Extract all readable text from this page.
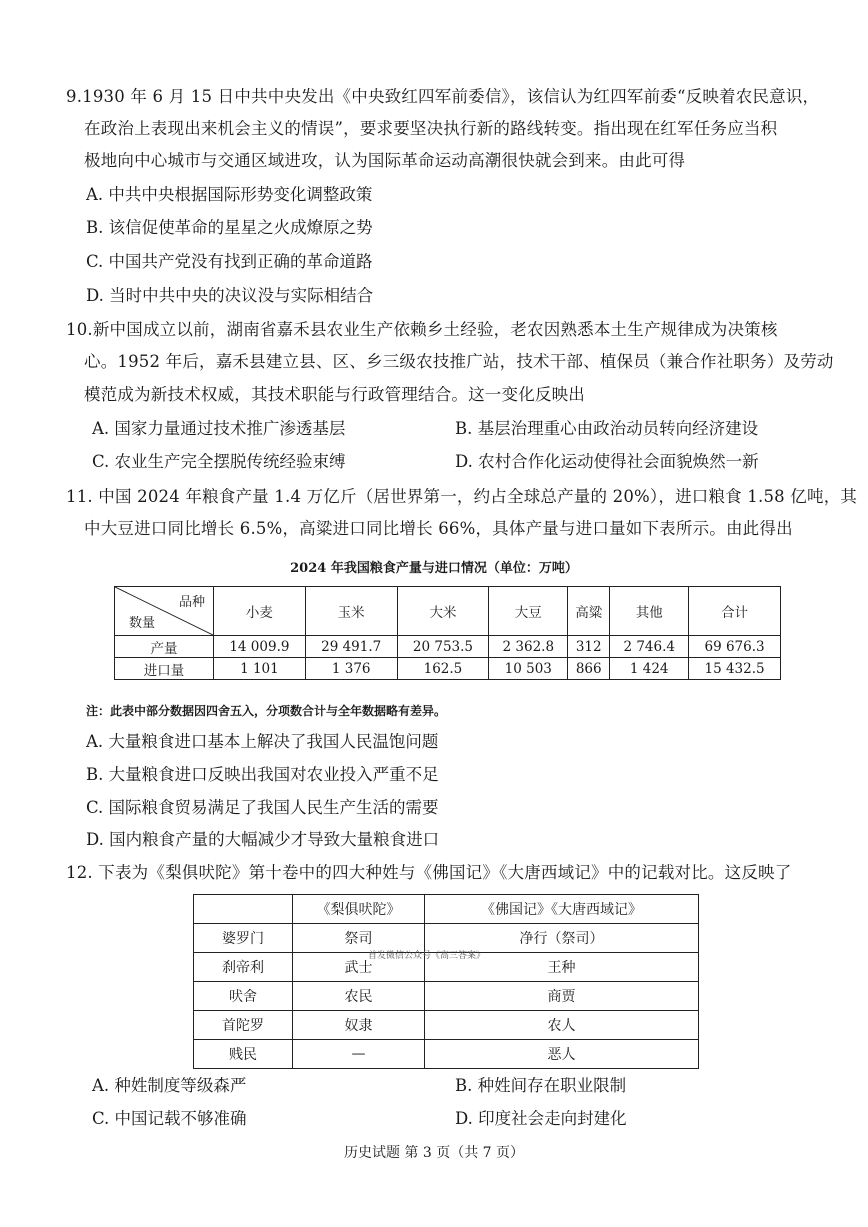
9.1930 年 6 月 15 日中共中央发出《中央致红四军前委信》，该信认为红四军前委“反映着农民意识，
在政治上表现出来机会主义的情误”，要求要坚决执行新的路线转变。指出现在红军任务应当积
极地向中心城市与交通区域进攻，认为国际革命运动高潮很快就会到来。由此可得
A. 中共中央根据国际形势变化调整政策
B. 该信促使革命的星星之火成燎原之势
C. 中国共产党没有找到正确的革命道路
D. 当时中共中央的决议没与实际相结合
10.新中国成立以前，湖南省嘉禾县农业生产依赖乡土经验，老农因熟悉本土生产规律成为决策核
心。1952 年后，嘉禾县建立县、区、乡三级农技推广站，技术干部、植保员（兼合作社职务）及劳动
模范成为新技术权威，其技术职能与行政管理结合。这一变化反映出
A. 国家力量通过技术推广渗透基层	B. 基层治理重心由政治动员转向经济建设
C. 农业生产完全摆脱传统经验束缚	D. 农村合作化运动使得社会面貌焕然一新
11. 中国 2024 年粮食产量 1.4 万亿斤（居世界第一，约占全球总产量的 20%），进口粮食 1.58 亿吨，其
中大豆进口同比增长 6.5%，高粱进口同比增长 66%，具体产量与进口量如下表所示。由此得出
2024 年我国粮食产量与进口情况（单位：万吨）
品种
数量	小麦	玉米	大米	大豆	高粱	其他	合计
产量	14 009.9	29 491.7	20 753.5	2 362.8	312	2 746.4	69 676.3
进口量	1 101	1 376	162.5	10 503	866	1 424	15 432.5
注：此表中部分数据因四舍五入，分项数合计与全年数据略有差异。
A. 大量粮食进口基本上解决了我国人民温饱问题
B. 大量粮食进口反映出我国对农业投入严重不足
C. 国际粮食贸易满足了我国人民生产生活的需要
D. 国内粮食产量的大幅减少才导致大量粮食进口
12. 下表为《梨俱吠陀》第十卷中的四大种姓与《佛国记》《大唐西域记》中的记载对比。这反映了
	《梨俱吠陀》	《佛国记》《大唐西域记》
婆罗门	祭司	净行（祭司）
刹帝利	武士	王种
吠舍	农民	商贾
首陀罗	奴隶	农人
贱民	—	恶人
首发微信公众号《高三答案》
A. 种姓制度等级森严	B. 种姓间存在职业限制
C. 中国记载不够准确	D. 印度社会走向封建化
历史试题 第 3 页（共 7 页）
